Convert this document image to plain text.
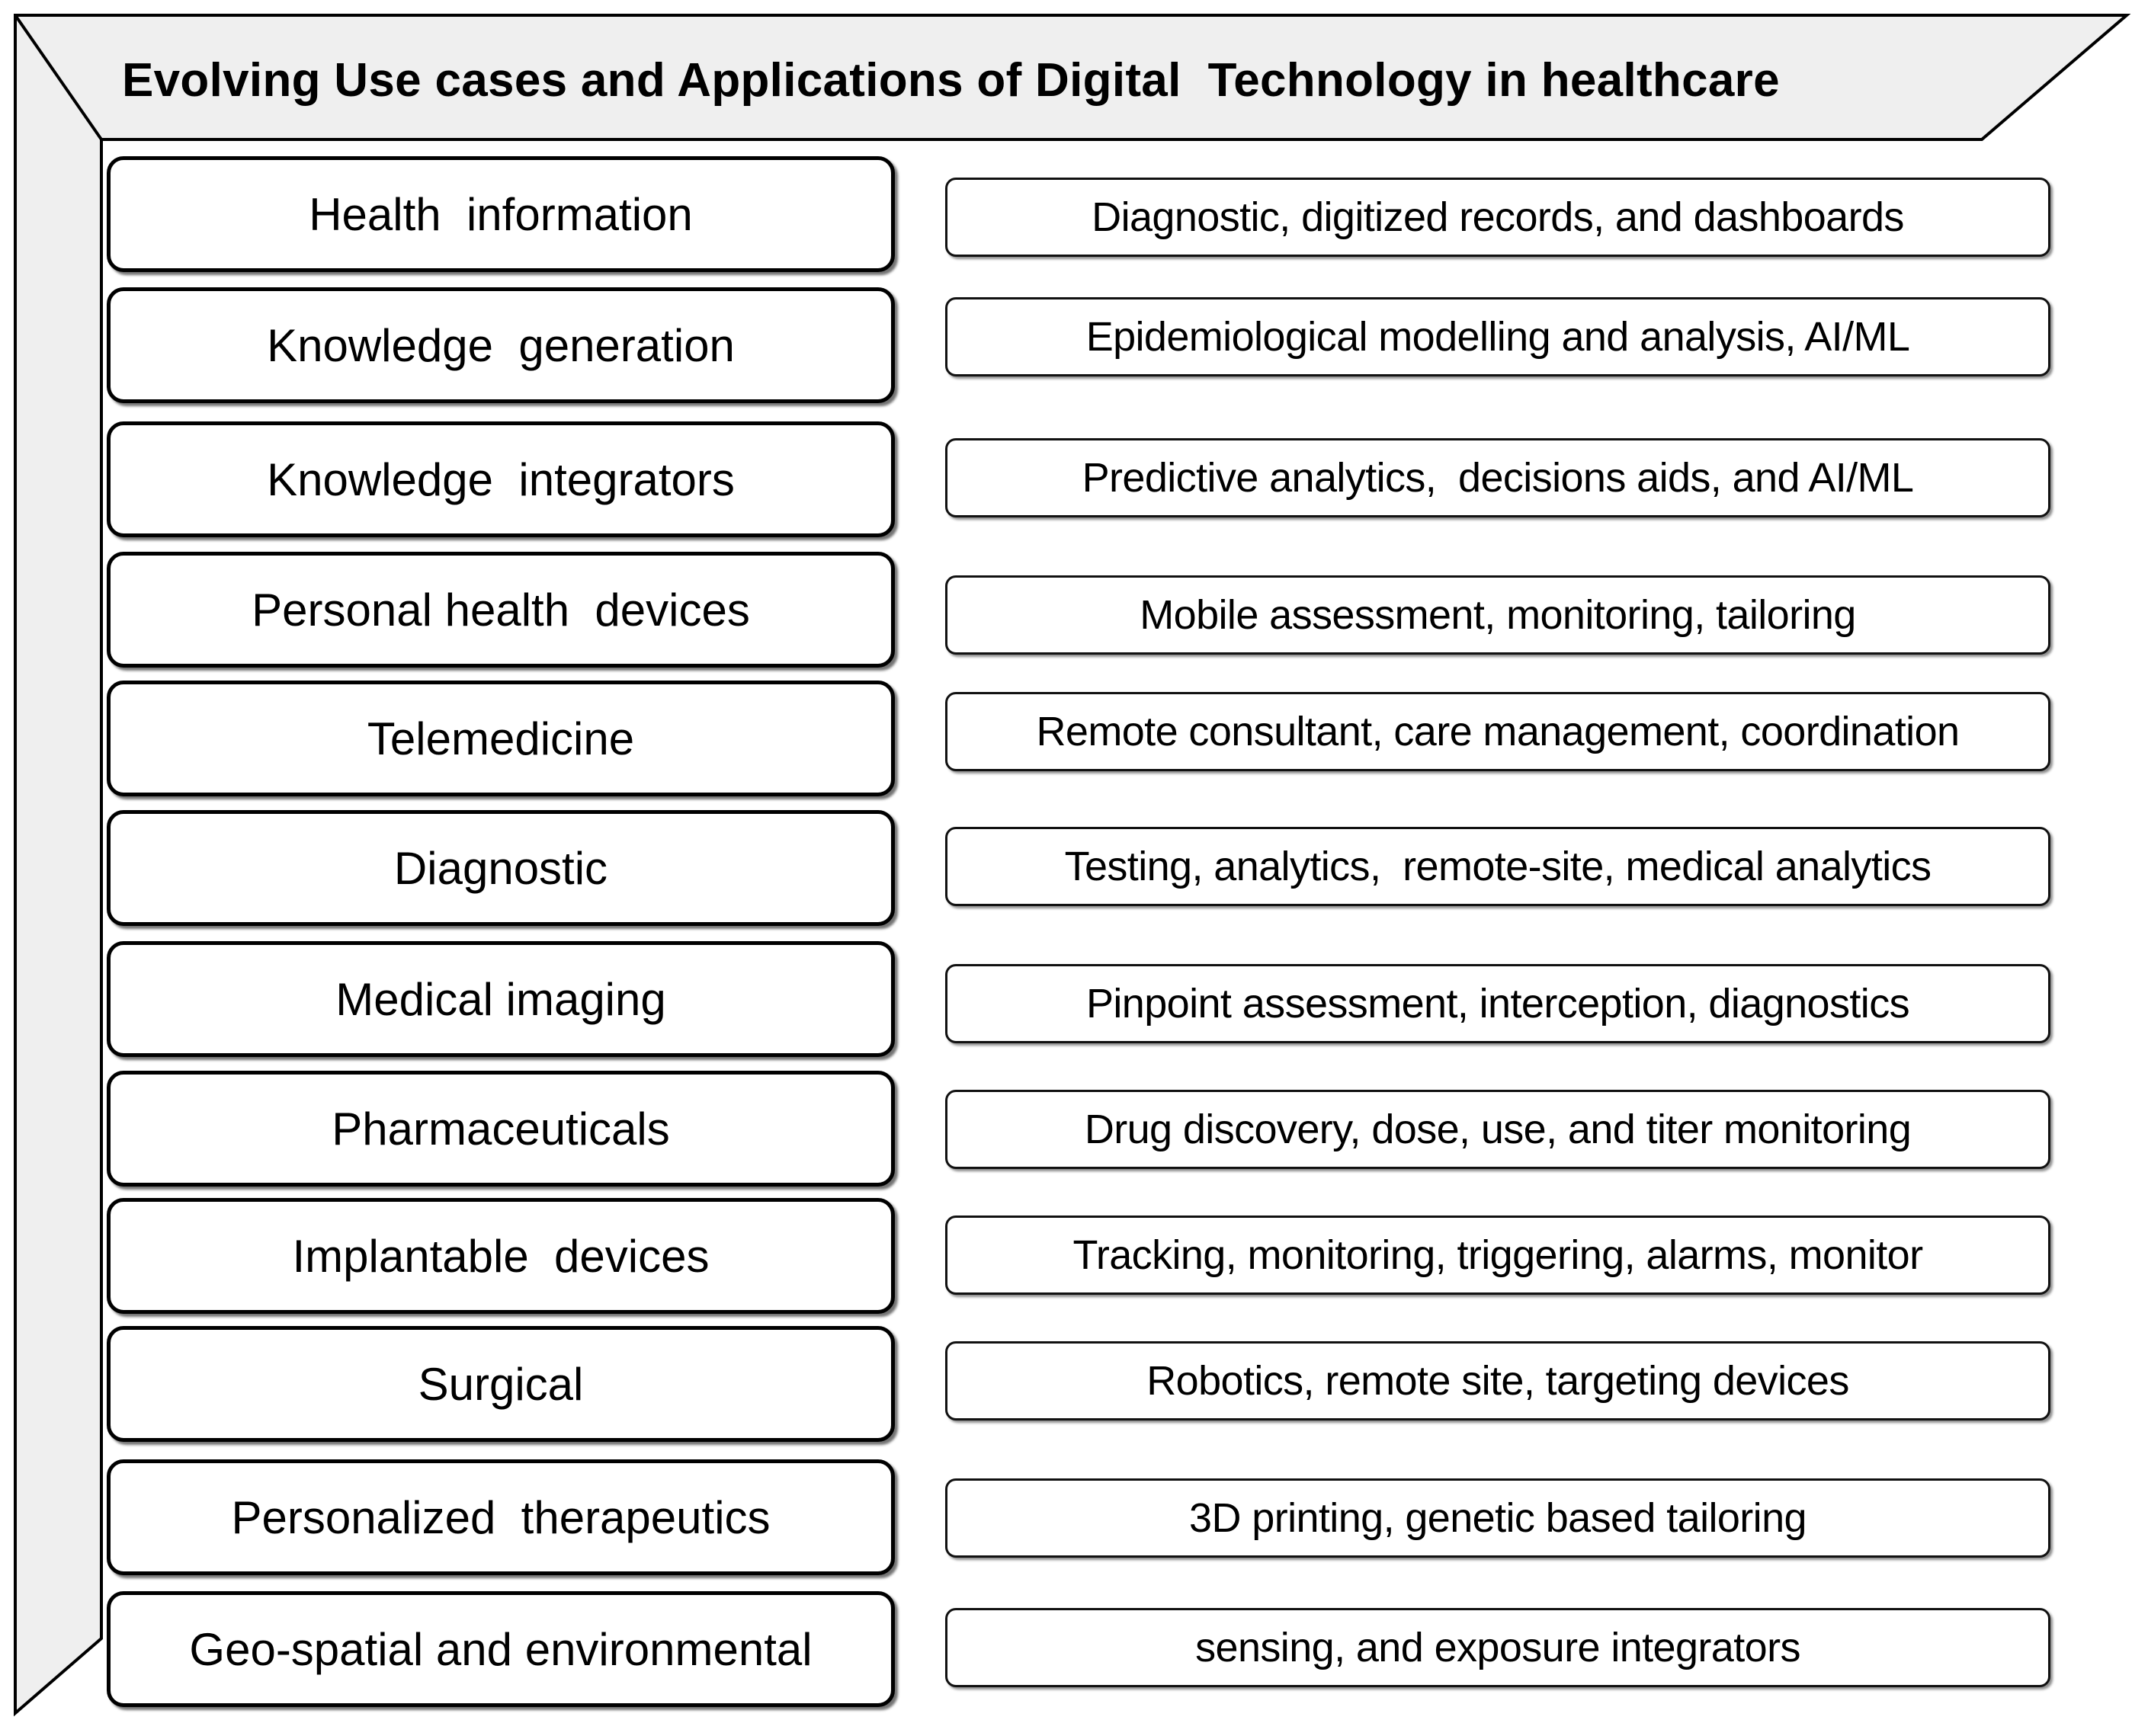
Evolving Use cases and Applications of Digital  Technology in healthcare
Health  information	Diagnostic, digitized records, and dashboards
Knowledge  generation	Epidemiological modelling and analysis, AI/ML
Knowledge  integrators	Predictive analytics,  decisions aids, and AI/ML
Personal health  devices	Mobile assessment, monitoring, tailoring
Telemedicine	Remote consultant, care management, coordination
Diagnostic	Testing, analytics,  remote-site, medical analytics
Medical imaging	Pinpoint assessment, interception, diagnostics
Pharmaceuticals	Drug discovery, dose, use, and titer monitoring
Implantable  devices	Tracking, monitoring, triggering, alarms, monitor
Surgical	Robotics, remote site, targeting devices
Personalized  therapeutics	3D printing, genetic based tailoring
Geo-spatial and environmental	sensing, and exposure integrators
